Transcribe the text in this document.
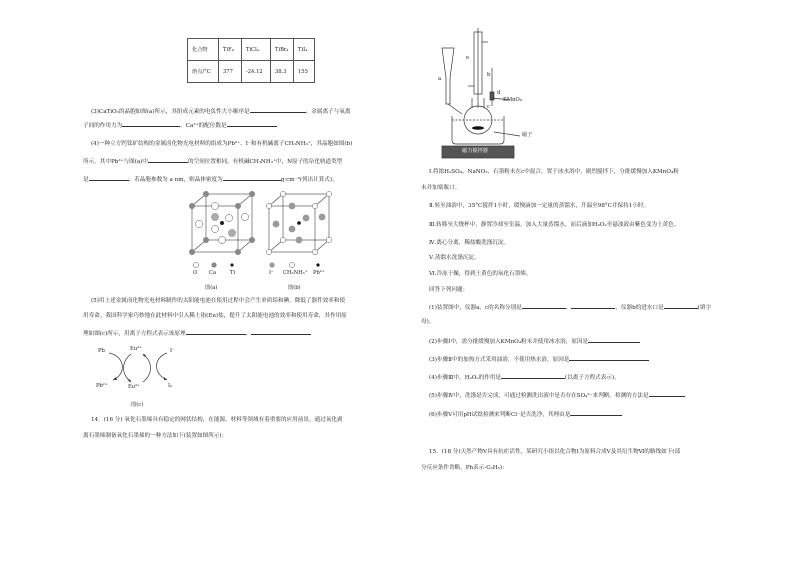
化合物	TiF₄	TiCl₄	TiBr₄	TiI₄
熔点/°C	377	-24.12	38.3	155
(3)CaTiO₃的晶胞如图(a)所示，其组成元素的电负性大小顺序是	；金属离子与氧离
子间的作用力为	，Ca²⁺的配位数是
(4)一种立方钙钛矿结构的金属卤化物光电材料的组成为Pb²⁺、I⁻和有机碱离子CH₃NH₃⁺，其晶胞如图(b)
所示。其中Pb²⁺与图(a)中	的空间位置相同，有机碱CH₃NH₃⁺中，N原子的杂化轨道类型
是	；若晶胞参数为 a nm，则晶体密度为	g·cm⁻³(列出计算式)。
O Ca	Ti
图(a)
I⁻ CH₃NH₃⁺ Pb²⁺
图(b)
(5)用上述金属卤化物光电材料制作的太阳能电池在使用过程中会产生单质铅和碘，降低了器件效率和使
用寿命。我国科学家巧妙地在此材料中引入稀土铕(Eu)盐，提升了太阳能电池的效率和使用寿命，其作用原
理如图(c)所示，用离子方程式表示该原理	、
Pb	Eu³⁺	I⁻
Pb²⁺	Eu²⁺	I₂
图(c)
14．(16 分) 氧化石墨烯具有稳定的网状结构，在能源、材料等领域有着重要的应用前景，通过氧化剥
离石墨烯制备氧化石墨烯的一种方法如下(装置如图所示)：
a
b
c
d
e
KMnO₄
磁子
磁力搅拌器
Ⅰ.将浓H₂SO₄、NaNO₃、石墨粉末在c中混合，置于冰水浴中，剧烈搅拌下，分批缓慢加入KMnO₄粉
末并加塞瓶口。
Ⅱ.转至油浴中，35°C搅拌1小时，缓慢滴加一定量的蒸馏水，升温至98°C并保持1小时。
Ⅲ.转移至大烧杯中，静置冷却至室温。加入大量蒸馏水，而后滴加H₂O₂至悬浊液由紫色变为土黄色。
Ⅳ.离心分离，稀盐酸洗涤沉淀。
Ⅴ.蒸馏水洗涤沉淀。
Ⅵ.冷冻干燥，得到土黄色的氧化石墨烯。
回答下列问题：
(1)装置图中，仪器a、c的名称分别是	、	，仪器b的进水口是	(填字
母)。
(2)步骤Ⅰ中，需分批缓慢加入KMnO₄粉末并使用冰水浴，原因是
(3)步骤Ⅱ中的加热方式采用油浴，不使用热水浴，原因是
(4)步骤Ⅲ中，H₂O₂的作用是	(以离子方程式表示)。
(5)步骤Ⅳ中，洗涤是否完成，可通过检测洗出液中是否存在SO₄²⁻来判断。检测的方法是
(6)步骤Ⅴ可用pH试纸检测来判断Cl⁻是否洗净，其理由是
15．(18 分)天然产物Ⅴ具有抗疟活性，某研究小组以化合物Ⅰ为原料合成Ⅴ及其衍生物Ⅵ的路线如下(部
分反应条件省略，Ph表示-C₆H₅)：
